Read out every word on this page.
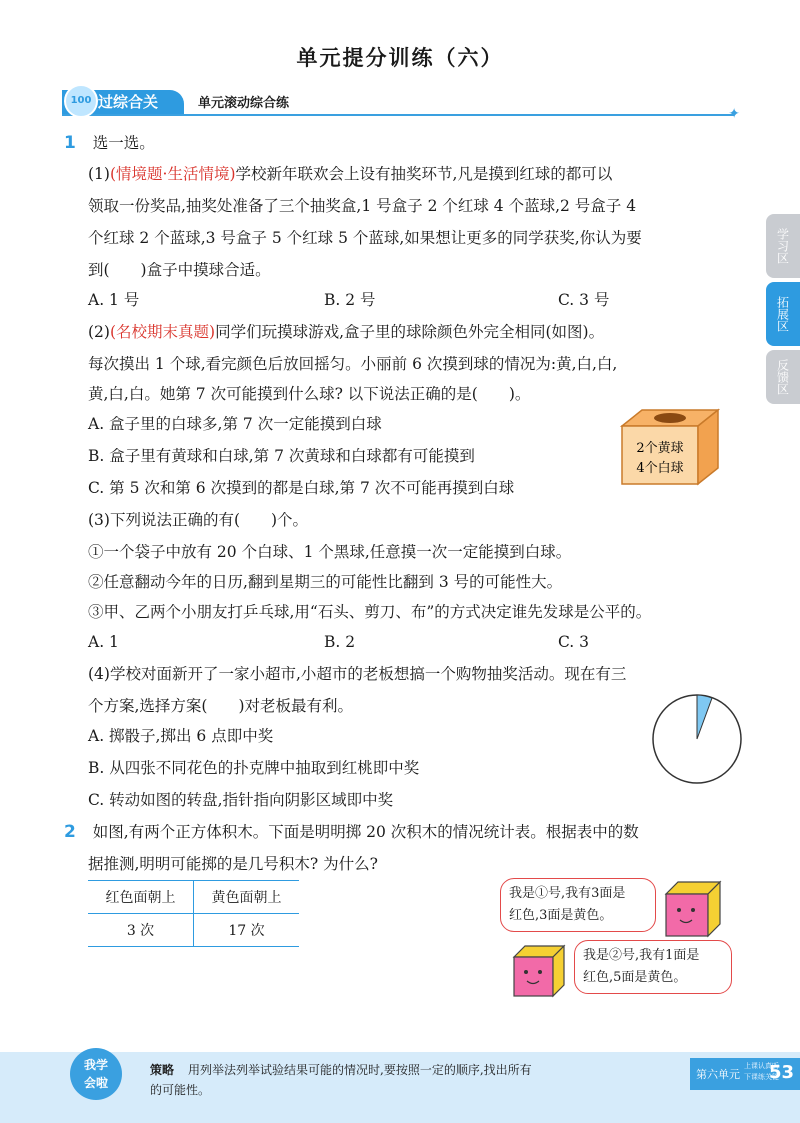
单元提分训练（六）
过综合关
100	单元滚动综合练
✦
学习区
拓展区
反馈区
1 选一选。
(1)(情境题·生活情境)学校新年联欢会上设有抽奖环节,凡是摸到红球的都可以
领取一份奖品,抽奖处准备了三个抽奖盒,1 号盒子 2 个红球 4 个蓝球,2 号盒子 4
个红球 2 个蓝球,3 号盒子 5 个红球 5 个蓝球,如果想让更多的同学获奖,你认为要
到(　　)盒子中摸球合适。
A. 1 号	B. 2 号	C. 3 号
(2)(名校期末真题)同学们玩摸球游戏,盒子里的球除颜色外完全相同(如图)。
每次摸出 1 个球,看完颜色后放回摇匀。小丽前 6 次摸到球的情况为:黄,白,白,
黄,白,白。她第 7 次可能摸到什么球? 以下说法正确的是(　　)。
A. 盒子里的白球多,第 7 次一定能摸到白球
B. 盒子里有黄球和白球,第 7 次黄球和白球都有可能摸到
C. 第 5 次和第 6 次摸到的都是白球,第 7 次不可能再摸到白球
2个黄球
4个白球
(3)下列说法正确的有(　　)个。
①一个袋子中放有 20 个白球、1 个黑球,任意摸一次一定能摸到白球。
②任意翻动今年的日历,翻到星期三的可能性比翻到 3 号的可能性大。
③甲、乙两个小朋友打乒乓球,用“石头、剪刀、布”的方式决定谁先发球是公平的。
A. 1	B. 2	C. 3
(4)学校对面新开了一家小超市,小超市的老板想搞一个购物抽奖活动。现在有三
个方案,选择方案(　　)对老板最有利。
A. 掷骰子,掷出 6 点即中奖
B. 从四张不同花色的扑克牌中抽取到红桃即中奖
C. 转动如图的转盘,指针指向阴影区域即中奖
2 如图,有两个正方体积木。下面是明明掷 20 次积木的情况统计表。根据表中的数
据推测,明明可能掷的是几号积木? 为什么?
红色面朝上	黄色面朝上
3 次	17 次
我是①号,我有3面是
红色,3面是黄色。
我是②号,我有1面是
红色,5面是黄色。
我学
会啦
策略 用列举法列举试验结果可能的情况时,要按照一定的顺序,找出所有
的可能性。
第六单元
上课认真听
下课练关键
53
